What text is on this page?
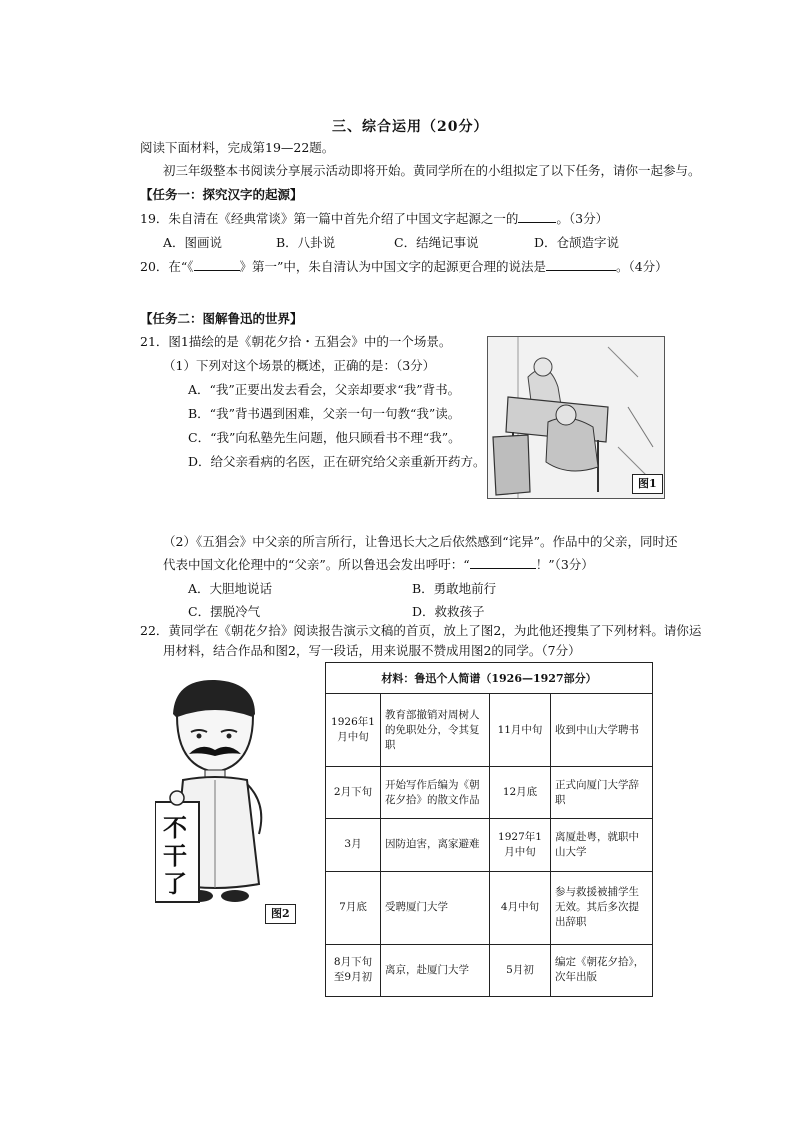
三、综合运用（20分）
阅读下面材料，完成第19—22题。
初三年级整本书阅读分享展示活动即将开始。黄同学所在的小组拟定了以下任务，请你一起参与。
【任务一：探究汉字的起源】
19．朱自清在《经典常谈》第一篇中首先介绍了中国文字起源之一的	。（3分）
A．图画说	B．八卦说	C．结绳记事说	D．仓颉造字说
20．在“《	》第一”中，朱自清认为中国文字的起源更合理的说法是	。（4分）
【任务二：图解鲁迅的世界】
21．图1描绘的是《朝花夕拾・五猖会》中的一个场景。
（1）下列对这个场景的概述，正确的是：（3分）
A．“我”正要出发去看会，父亲却要求“我”背书。
B．“我”背书遇到困难，父亲一句一句教“我”读。
C．“我”向私塾先生问题，他只顾看书不理“我”。
D．给父亲看病的名医，正在研究给父亲重新开药方。
图1
（2）《五猖会》中父亲的所言所行，让鲁迅长大之后依然感到“诧异”。作品中的父亲，同时还
代表中国文化伦理中的“父亲”。所以鲁迅会发出呼吁：“	！”（3分）
A．大胆地说话	B．勇敢地前行
C．摆脱冷气	D．救救孩子
22．黄同学在《朝花夕拾》阅读报告演示文稿的首页，放上了图2，为此他还搜集了下列材料。请你运
用材料，结合作品和图2，写一段话，用来说服不赞成用图2的同学。（7分）
不
干
了
图2
材料：鲁迅个人简谱（1926—1927部分）			
1926年1月中旬	教育部撤销对周树人的免职处分，令其复职	11月中旬	收到中山大学聘书
2月下旬	开始写作后编为《朝花夕拾》的散文作品	12月底	正式向厦门大学辞职
3月	因防迫害，离家避难	1927年1月中旬	离厦赴粤，就职中山大学
7月底	受聘厦门大学	4月中旬	参与救援被捕学生无效。其后多次提出辞职
8月下旬至9月初	离京，赴厦门大学	5月初	编定《朝花夕拾》，次年出版
